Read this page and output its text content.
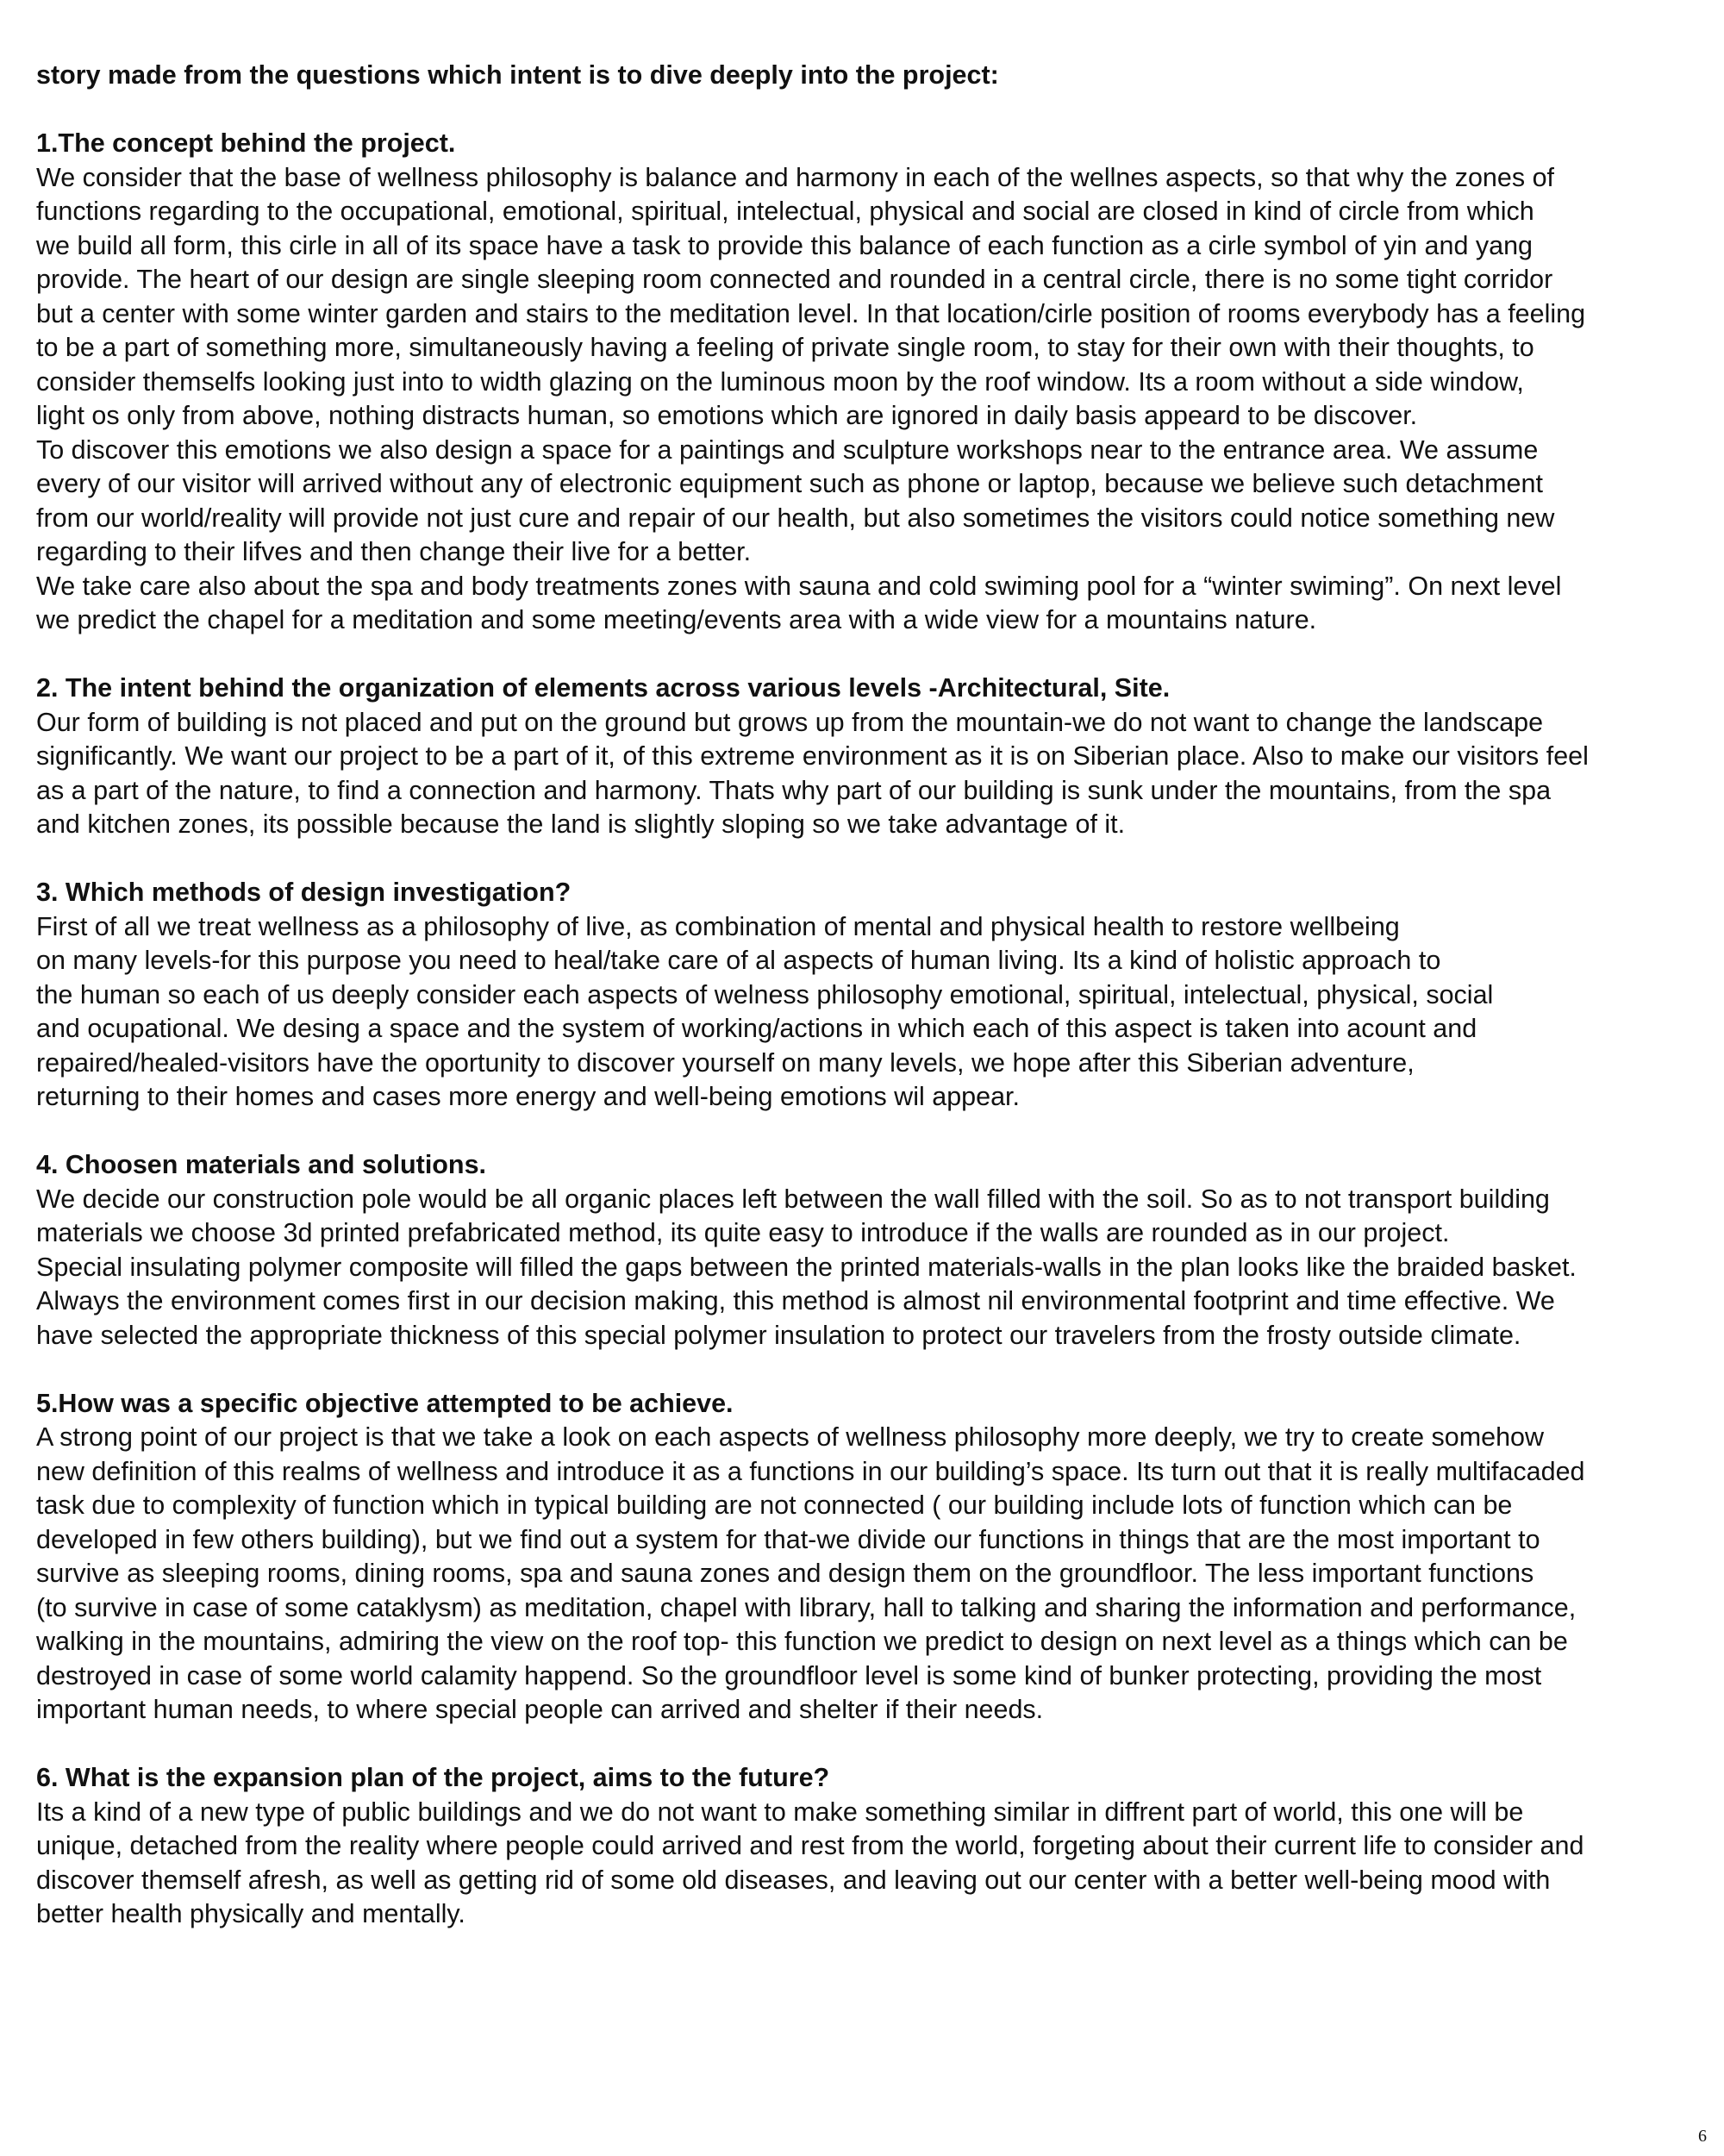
story made from the questions which intent is to dive deeply into the project:

1.The concept behind the project.

We consider that the base of wellness philosophy is balance and harmony in each of the wellnes aspects, so that why the zones of
functions regarding to the occupational, emotional, spiritual, intelectual, physical and social are closed in kind of circle from which
we build all form, this cirle in all of its space have a task to provide this balance of each function as a cirle symbol of yin and yang
provide. The heart of our design are single sleeping room connected and rounded in a central circle, there is no some tight corridor
but a center with some winter garden and stairs to the meditation level. In that location/cirle position of rooms everybody has a feeling
to be a part of something more, simultaneously having a feeling of private single room, to stay for their own with their thoughts, to
consider themselfs looking just into to width glazing on the luminous moon by the roof window. Its a room without a side window,
light os only from above, nothing distracts human, so emotions which are ignored in daily basis appeard to be discover.
To discover this emotions we also design a space for a paintings and sculpture workshops near to the entrance area. We assume
every of our visitor will arrived without any of electronic equipment such as phone or laptop, because we believe such detachment
from our world/reality will provide not just cure and repair of our health, but also sometimes the visitors could notice something new
regarding to their lifves and then change their live for a better.
We take care also about the spa and body treatments zones with sauna and cold swiming pool for a “winter swiming”. On next level
we predict the chapel for a meditation and some meeting/events area with a wide view for a mountains nature.

2. The intent behind the organization of elements across various levels -Architectural, Site.

Our form of building is not placed and put on the ground but grows up from the mountain-we do not want to change the landscape
significantly. We want our project to be a part of it, of this extreme environment as it is on Siberian place. Also to make our visitors feel
as a part of the nature, to find a connection and harmony. Thats why part of our building is sunk under the mountains, from the spa
and kitchen zones, its possible because the land is slightly sloping so we take advantage of it.

3. Which methods of design investigation?

First of all we treat wellness as a philosophy of live, as combination of mental and physical health to restore wellbeing
on many levels-for this purpose you need to heal/take care of al aspects of human living. Its a kind of holistic approach to
the human so each of us deeply consider each aspects of welness philosophy emotional, spiritual, intelectual, physical, social
and ocupational. We desing a space and the system of working/actions in which each of this aspect is taken into acount and
repaired/healed-visitors have the oportunity to discover yourself on many levels, we hope after this Siberian adventure,
returning to their homes and cases more energy and well-being emotions wil appear.

4. Choosen materials and solutions.

We decide our construction pole would be all organic places left between the wall filled with the soil. So as to not transport building
materials we choose 3d printed prefabricated method, its quite easy to introduce if the walls are rounded as in our project.
Special insulating polymer composite will filled the gaps between the printed materials-walls in the plan looks like the braided basket.
Always the environment comes first in our decision making, this method is almost nil environmental footprint and time effective. We
have selected the appropriate thickness of this special polymer insulation to protect our travelers from the frosty outside climate.

5.How was a specific objective attempted to be achieve.

A strong point of our project is that we take a look on each aspects of wellness philosophy more deeply, we try to create somehow
new definition of this realms of wellness and introduce it as a functions in our building’s space. Its turn out that it is really multifacaded
task due to complexity of function which in typical building are not connected ( our building include lots of function which can be
developed in few others building), but we find out a system for that-we divide our functions in things that are the most important to
survive as sleeping rooms, dining rooms, spa and sauna zones and design them on the groundfloor. The less important functions
(to survive in case of some cataklysm) as meditation, chapel with library, hall to talking and sharing the information and performance,
walking in the mountains, admiring the view on the roof top- this function we predict to design on next level as a things which can be
destroyed in case of some world calamity happend. So the groundfloor level is some kind of bunker protecting, providing the most
important human needs, to where special people can arrived and shelter if their needs.

6. What is the expansion plan of the project, aims to the future?

Its a kind of a new type of public buildings and we do not want to make something similar in diffrent part of world, this one will be
unique, detached from the reality where people could arrived and rest from the world, forgeting about their current life to consider and
discover themself afresh, as well as getting rid of some old diseases, and leaving out our center with a better well-being mood with
better health physically and mentally.
6
